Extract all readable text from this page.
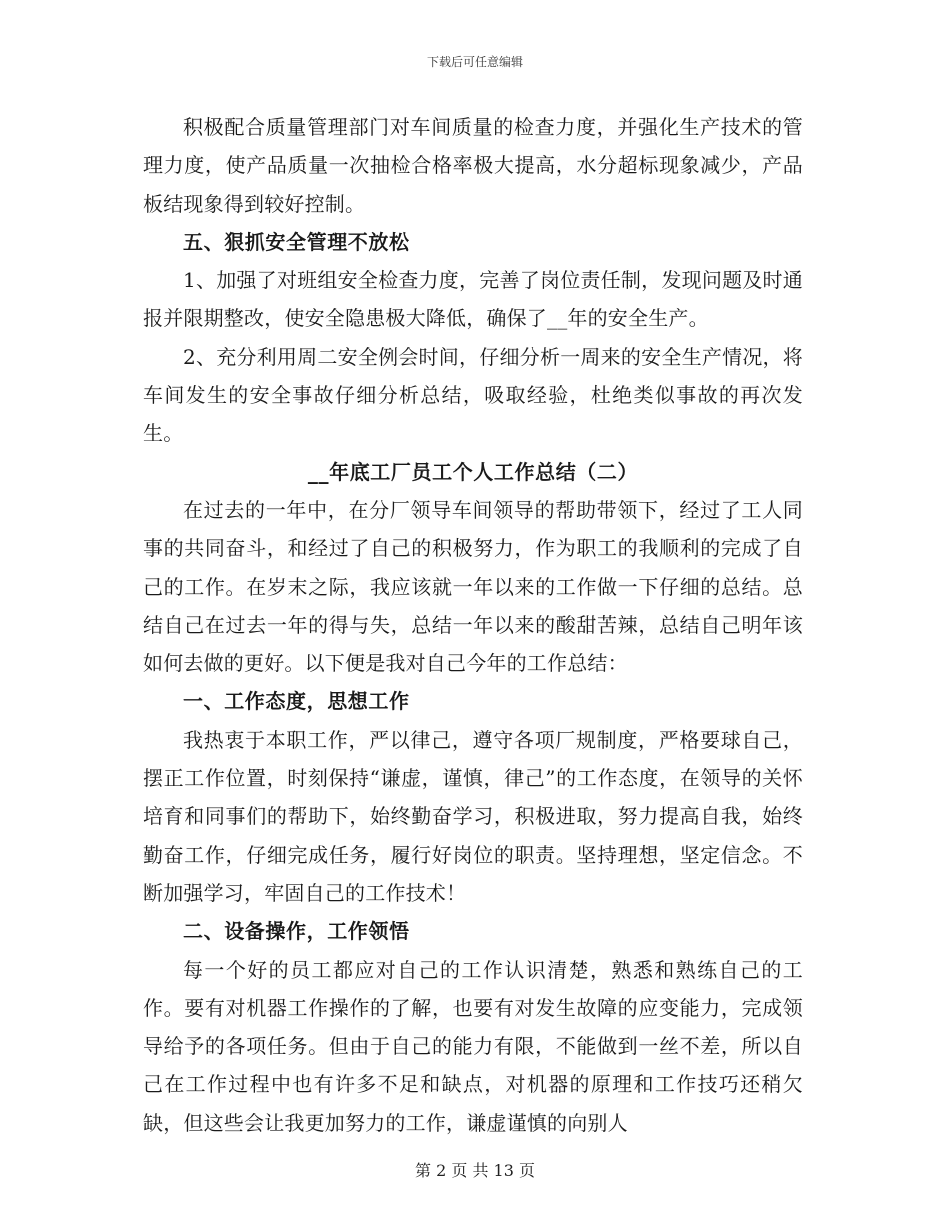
下载后可任意编辑

积极配合质量管理部门对车间质量的检查力度，并强化生产技术的管理力度，使产品质量一次抽检合格率极大提高，水分超标现象减少，产品板结现象得到较好控制。

五、狠抓安全管理不放松

1、加强了对班组安全检查力度，完善了岗位责任制，发现问题及时通报并限期整改，使安全隐患极大降低，确保了__年的安全生产。

2、充分利用周二安全例会时间，仔细分析一周来的安全生产情况，将车间发生的安全事故仔细分析总结，吸取经验，杜绝类似事故的再次发生。

__年底工厂员工个人工作总结（二）

在过去的一年中，在分厂领导车间领导的帮助带领下，经过了工人同事的共同奋斗，和经过了自己的积极努力，作为职工的我顺利的完成了自己的工作。在岁末之际，我应该就一年以来的工作做一下仔细的总结。总结自己在过去一年的得与失，总结一年以来的酸甜苦辣，总结自己明年该如何去做的更好。以下便是我对自己今年的工作总结：

一、工作态度，思想工作

我热衷于本职工作，严以律己，遵守各项厂规制度，严格要球自己，摆正工作位置，时刻保持“谦虚，谨慎，律己”的工作态度，在领导的关怀培育和同事们的帮助下，始终勤奋学习，积极进取，努力提高自我，始终勤奋工作，仔细完成任务，履行好岗位的职责。坚持理想，坚定信念。不断加强学习，牢固自己的工作技术！

二、设备操作，工作领悟

每一个好的员工都应对自己的工作认识清楚，熟悉和熟练自己的工作。要有对机器工作操作的了解，也要有对发生故障的应变能力，完成领导给予的各项任务。但由于自己的能力有限，不能做到一丝不差，所以自己在工作过程中也有许多不足和缺点，对机器的原理和工作技巧还稍欠缺，但这些会让我更加努力的工作，谦虚谨慎的向别人

第 2 页 共 13 页
